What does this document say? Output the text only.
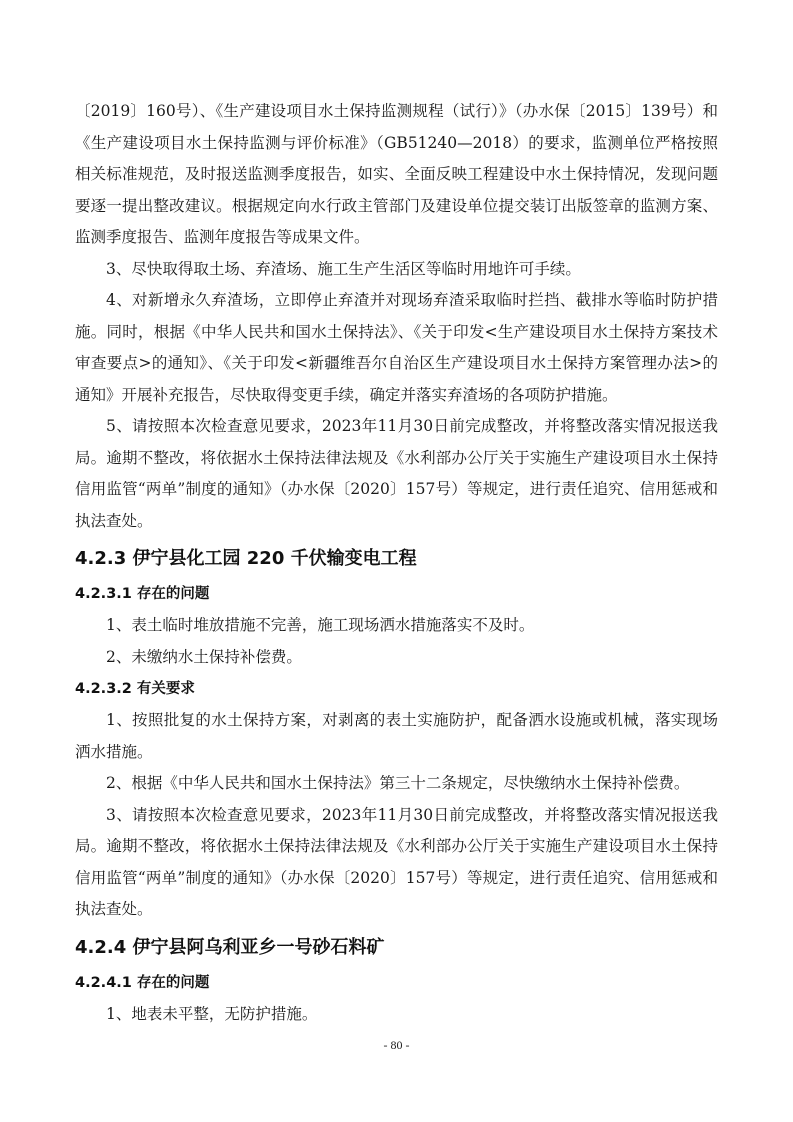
〔2019〕160号）、《生产建设项目水土保持监测规程（试行）》（办水保〔2015〕139号）和《生产建设项目水土保持监测与评价标准》（GB51240—2018）的要求，监测单位严格按照相关标准规范，及时报送监测季度报告，如实、全面反映工程建设中水土保持情况，发现问题要逐一提出整改建议。根据规定向水行政主管部门及建设单位提交装订出版签章的监测方案、监测季度报告、监测年度报告等成果文件。

3、尽快取得取土场、弃渣场、施工生产生活区等临时用地许可手续。

4、对新增永久弃渣场，立即停止弃渣并对现场弃渣采取临时拦挡、截排水等临时防护措施。同时，根据《中华人民共和国水土保持法》、《关于印发<生产建设项目水土保持方案技术审查要点>的通知》、《关于印发<新疆维吾尔自治区生产建设项目水土保持方案管理办法>的通知》开展补充报告，尽快取得变更手续，确定并落实弃渣场的各项防护措施。

5、请按照本次检查意见要求，2023年11月30日前完成整改，并将整改落实情况报送我局。逾期不整改，将依据水土保持法律法规及《水利部办公厅关于实施生产建设项目水土保持信用监管“两单”制度的通知》（办水保〔2020〕157号）等规定，进行责任追究、信用惩戒和执法查处。

4.2.3 伊宁县化工园 220 千伏输变电工程
4.2.3.1 存在的问题

1、表土临时堆放措施不完善，施工现场洒水措施落实不及时。

2、未缴纳水土保持补偿费。

4.2.3.2 有关要求

1、按照批复的水土保持方案，对剥离的表土实施防护，配备洒水设施或机械，落实现场洒水措施。

2、根据《中华人民共和国水土保持法》第三十二条规定，尽快缴纳水土保持补偿费。

3、请按照本次检查意见要求，2023年11月30日前完成整改，并将整改落实情况报送我局。逾期不整改，将依据水土保持法律法规及《水利部办公厅关于实施生产建设项目水土保持信用监管“两单”制度的通知》（办水保〔2020〕157号）等规定，进行责任追究、信用惩戒和执法查处。

4.2.4 伊宁县阿乌利亚乡一号砂石料矿
4.2.4.1 存在的问题

1、地表未平整，无防护措施。

- 80 -
